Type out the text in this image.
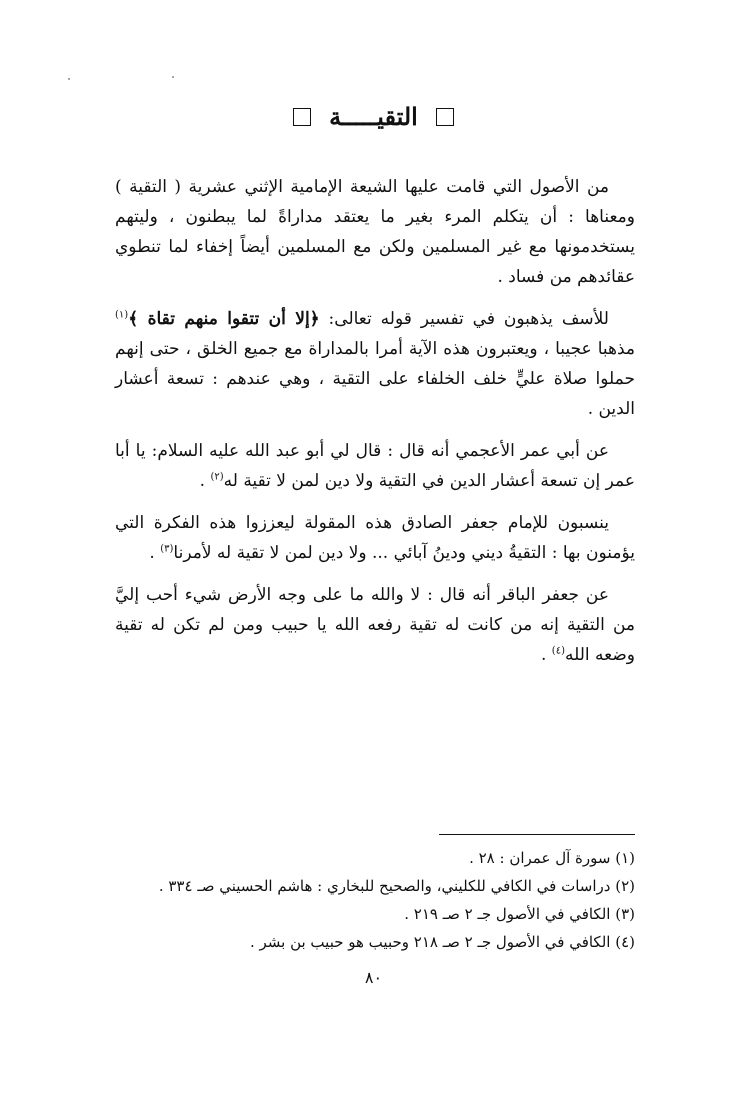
التقيـــــة

من الأصول التي قامت عليها الشيعة الإمامية الإثني عشرية ( التقية ) ومعناها : أن يتكلم المرء بغير ما يعتقد مداراةً لما يبطنون ، وليتهم يستخدمونها مع غير المسلمين ولكن مع المسلمين أيضاً إخفاء لما تنطوي عقائدهم من فساد .

للأسف يذهبون في تفسير قوله تعالى: ﴿إلا أن تتقوا منهم تقاة ﴾$^{(١)}$ مذهبا عجيبا ، ويعتبرون هذه الآية أمرا بالمداراة مع جميع الخلق ، حتى إنهم حملوا صلاة عليٍّ خلف الخلفاء على التقية ، وهي عندهم : تسعة أعشار الدين .

عن أبي عمر الأعجمي أنه قال : قال لي أبو عبد الله عليه السلام: يا أبا عمر إن تسعة أعشار الدين في التقية ولا دين لمن لا تقية له$^{(٢)}$ .

ينسبون للإمام جعفر الصادق هذه المقولة ليعززوا هذه الفكرة التي يؤمنون بها : التقيةُ ديني ودينُ آبائي ... ولا دين لمن لا تقية له لأمرنا$^{(٣)}$ .

عن جعفر الباقر أنه قال : لا والله ما على وجه الأرض شيء أحب إليَّ من التقية إنه من كانت له تقية رفعه الله يا حبيب ومن لم تكن له تقية وضعه الله$^{(٤)}$ .

(١) سورة آل عمران : ٢٨ .
(٢) دراسات في الكافي للكليني، والصحيح للبخاري : هاشم الحسيني صـ ٣٣٤ .
(٣) الكافي في الأصول جـ ٢ صـ ٢١٩ .
(٤) الكافي في الأصول جـ ٢ صـ ٢١٨ وحبيب هو حبيب بن بشر .
٨٠
